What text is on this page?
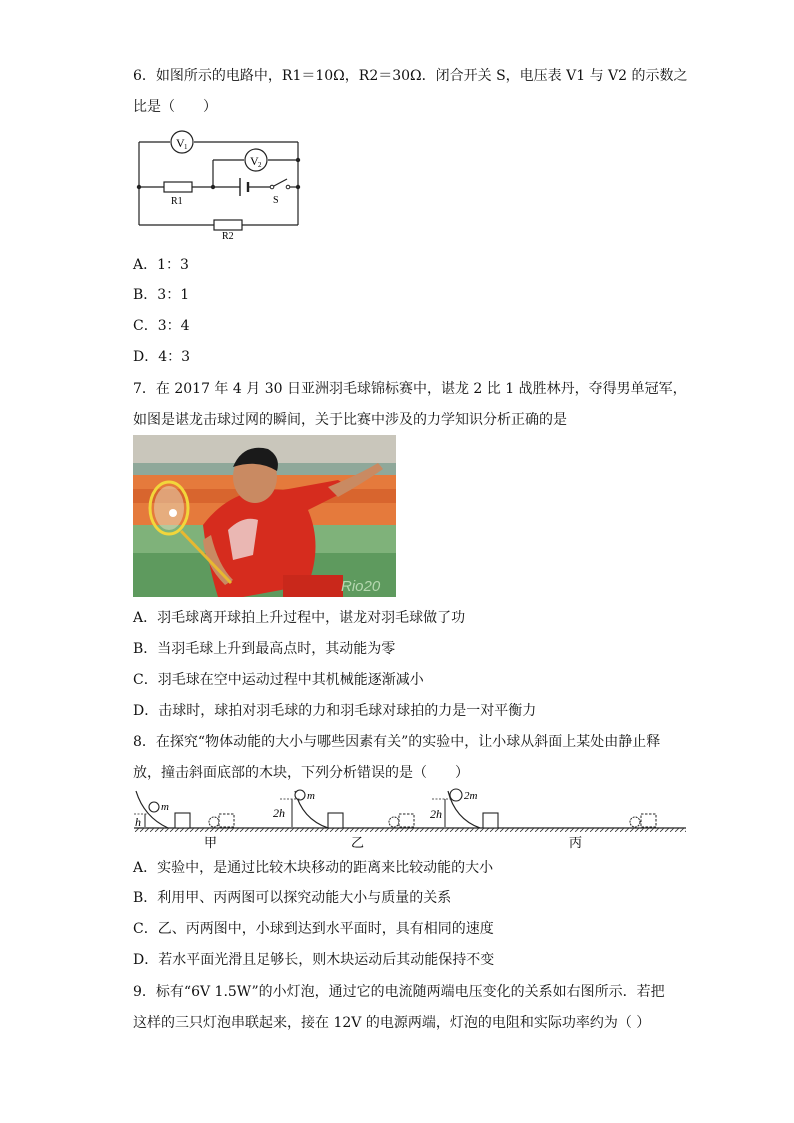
6．如图所示的电路中，R1＝10Ω，R2＝30Ω．闭合开关 S，电压表 V1 与 V2 的示数之
比是（　　）
V 1
V 2
R1	S
R2
A．1：3
B．3：1
C．3：4
D．4：3
7．在 2017 年 4 月 30 日亚洲羽毛球锦标赛中，谌龙 2 比 1 战胜林丹，夺得男单冠军，
如图是谌龙击球过网的瞬间，关于比赛中涉及的力学知识分析正确的是
Rio20
A．羽毛球离开球拍上升过程中，谌龙对羽毛球做了功
B．当羽毛球上升到最高点时，其动能为零
C．羽毛球在空中运动过程中其机械能逐渐减小
D．击球时，球拍对羽毛球的力和羽毛球对球拍的力是一对平衡力
8．在探究“物体动能的大小与哪些因素有关”的实验中，让小球从斜面上某处由静止释
放，撞击斜面底部的木块，下列分析错误的是（　　）
m
h
甲
m
2h
乙
2m
2h
丙
A．实验中，是通过比较木块移动的距离来比较动能的大小
B．利用甲、丙两图可以探究动能大小与质量的关系
C．乙、丙两图中，小球到达到水平面时，具有相同的速度
D．若水平面光滑且足够长，则木块运动后其动能保持不变
9．标有“6V 1.5W”的小灯泡，通过它的电流随两端电压变化的关系如右图所示．若把
这样的三只灯泡串联起来，接在 12V 的电源两端，灯泡的电阻和实际功率约为（ ）
